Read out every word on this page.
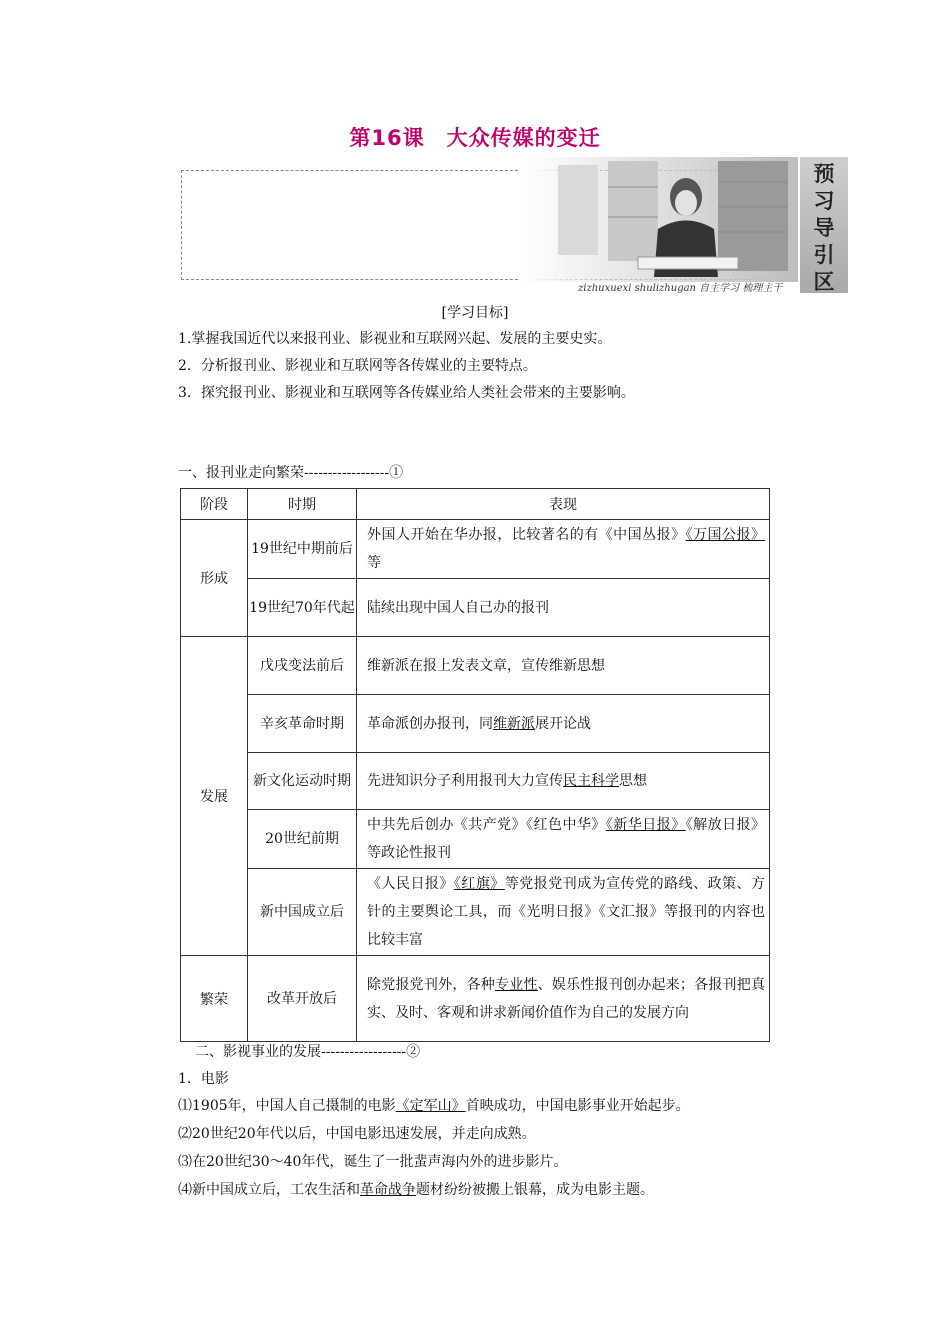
第16课　大众传媒的变迁
预
习
导
引
区
zizhuxuexi shulizhugan 自主学习 梳理主干
[学习目标]
1.掌握我国近代以来报刊业、影视业和互联网兴起、发展的主要史实。
2．分析报刊业、影视业和互联网等各传媒业的主要特点。
3．探究报刊业、影视业和互联网等各传媒业给人类社会带来的主要影响。
一、报刊业走向繁荣------------------①
阶段	时期	表现
形成	19世纪中期前后	外国人开始在华办报，比较著名的有《中国丛报》《万国公报》等
	19世纪70年代起	陆续出现中国人自己办的报刊
发展	戊戌变法前后	维新派在报上发表文章，宣传维新思想
	辛亥革命时期	革命派创办报刊，同维新派展开论战
	新文化运动时期	先进知识分子利用报刊大力宣传民主科学思想
	20世纪前期	中共先后创办《共产党》《红色中华》《新华日报》《解放日报》等政论性报刊
	新中国成立后	《人民日报》《红旗》等党报党刊成为宣传党的路线、政策、方针的主要舆论工具，而《光明日报》《文汇报》等报刊的内容也比较丰富
繁荣	改革开放后	除党报党刊外，各种专业性、娱乐性报刊创办起来；各报刊把真实、及时、客观和讲求新闻价值作为自己的发展方向
二、影视事业的发展------------------②
1．电影
⑴1905年，中国人自己摄制的电影《定军山》首映成功，中国电影事业开始起步。
⑵20世纪20年代以后，中国电影迅速发展，并走向成熟。
⑶在20世纪30～40年代，诞生了一批蜚声海内外的进步影片。
⑷新中国成立后，工农生活和革命战争题材纷纷被搬上银幕，成为电影主题。
